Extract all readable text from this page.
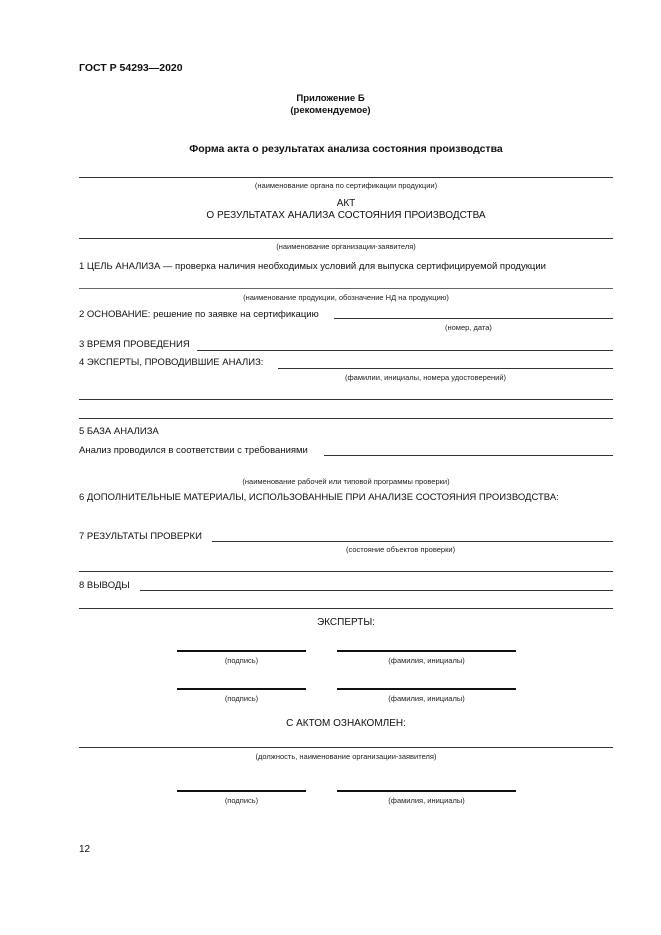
ГОСТ Р 54293—2020
Приложение Б
(рекомендуемое)
Форма акта о результатах анализа состояния производства
(наименование органа по сертификации продукции)
АКТ
О РЕЗУЛЬТАТАХ АНАЛИЗА СОСТОЯНИЯ ПРОИЗВОДСТВА
(наименование организации-заявителя)
1 ЦЕЛЬ АНАЛИЗА — проверка наличия необходимых условий для выпуска сертифицируемой продукции
(наименование продукции, обозначение НД на продукцию)
2 ОСНОВАНИЕ: решение по заявке на сертификацию
(номер, дата)
3 ВРЕМЯ ПРОВЕДЕНИЯ
4 ЭКСПЕРТЫ, ПРОВОДИВШИЕ АНАЛИЗ:
(фамилии, инициалы, номера удостоверений)
5 БАЗА АНАЛИЗА
Анализ проводился в соответствии с требованиями
(наименование рабочей или типовой программы проверки)
6 ДОПОЛНИТЕЛЬНЫЕ МАТЕРИАЛЫ, ИСПОЛЬЗОВАННЫЕ ПРИ АНАЛИЗЕ СОСТОЯНИЯ ПРОИЗВОДСТВА:
7 РЕЗУЛЬТАТЫ ПРОВЕРКИ
(состояние объектов проверки)
8 ВЫВОДЫ
ЭКСПЕРТЫ:
(подпись)	(фамилия, инициалы)
(подпись)	(фамилия, инициалы)
С АКТОМ ОЗНАКОМЛЕН:
(должность, наименование организации-заявителя)
(подпись)	(фамилия, инициалы)
12
